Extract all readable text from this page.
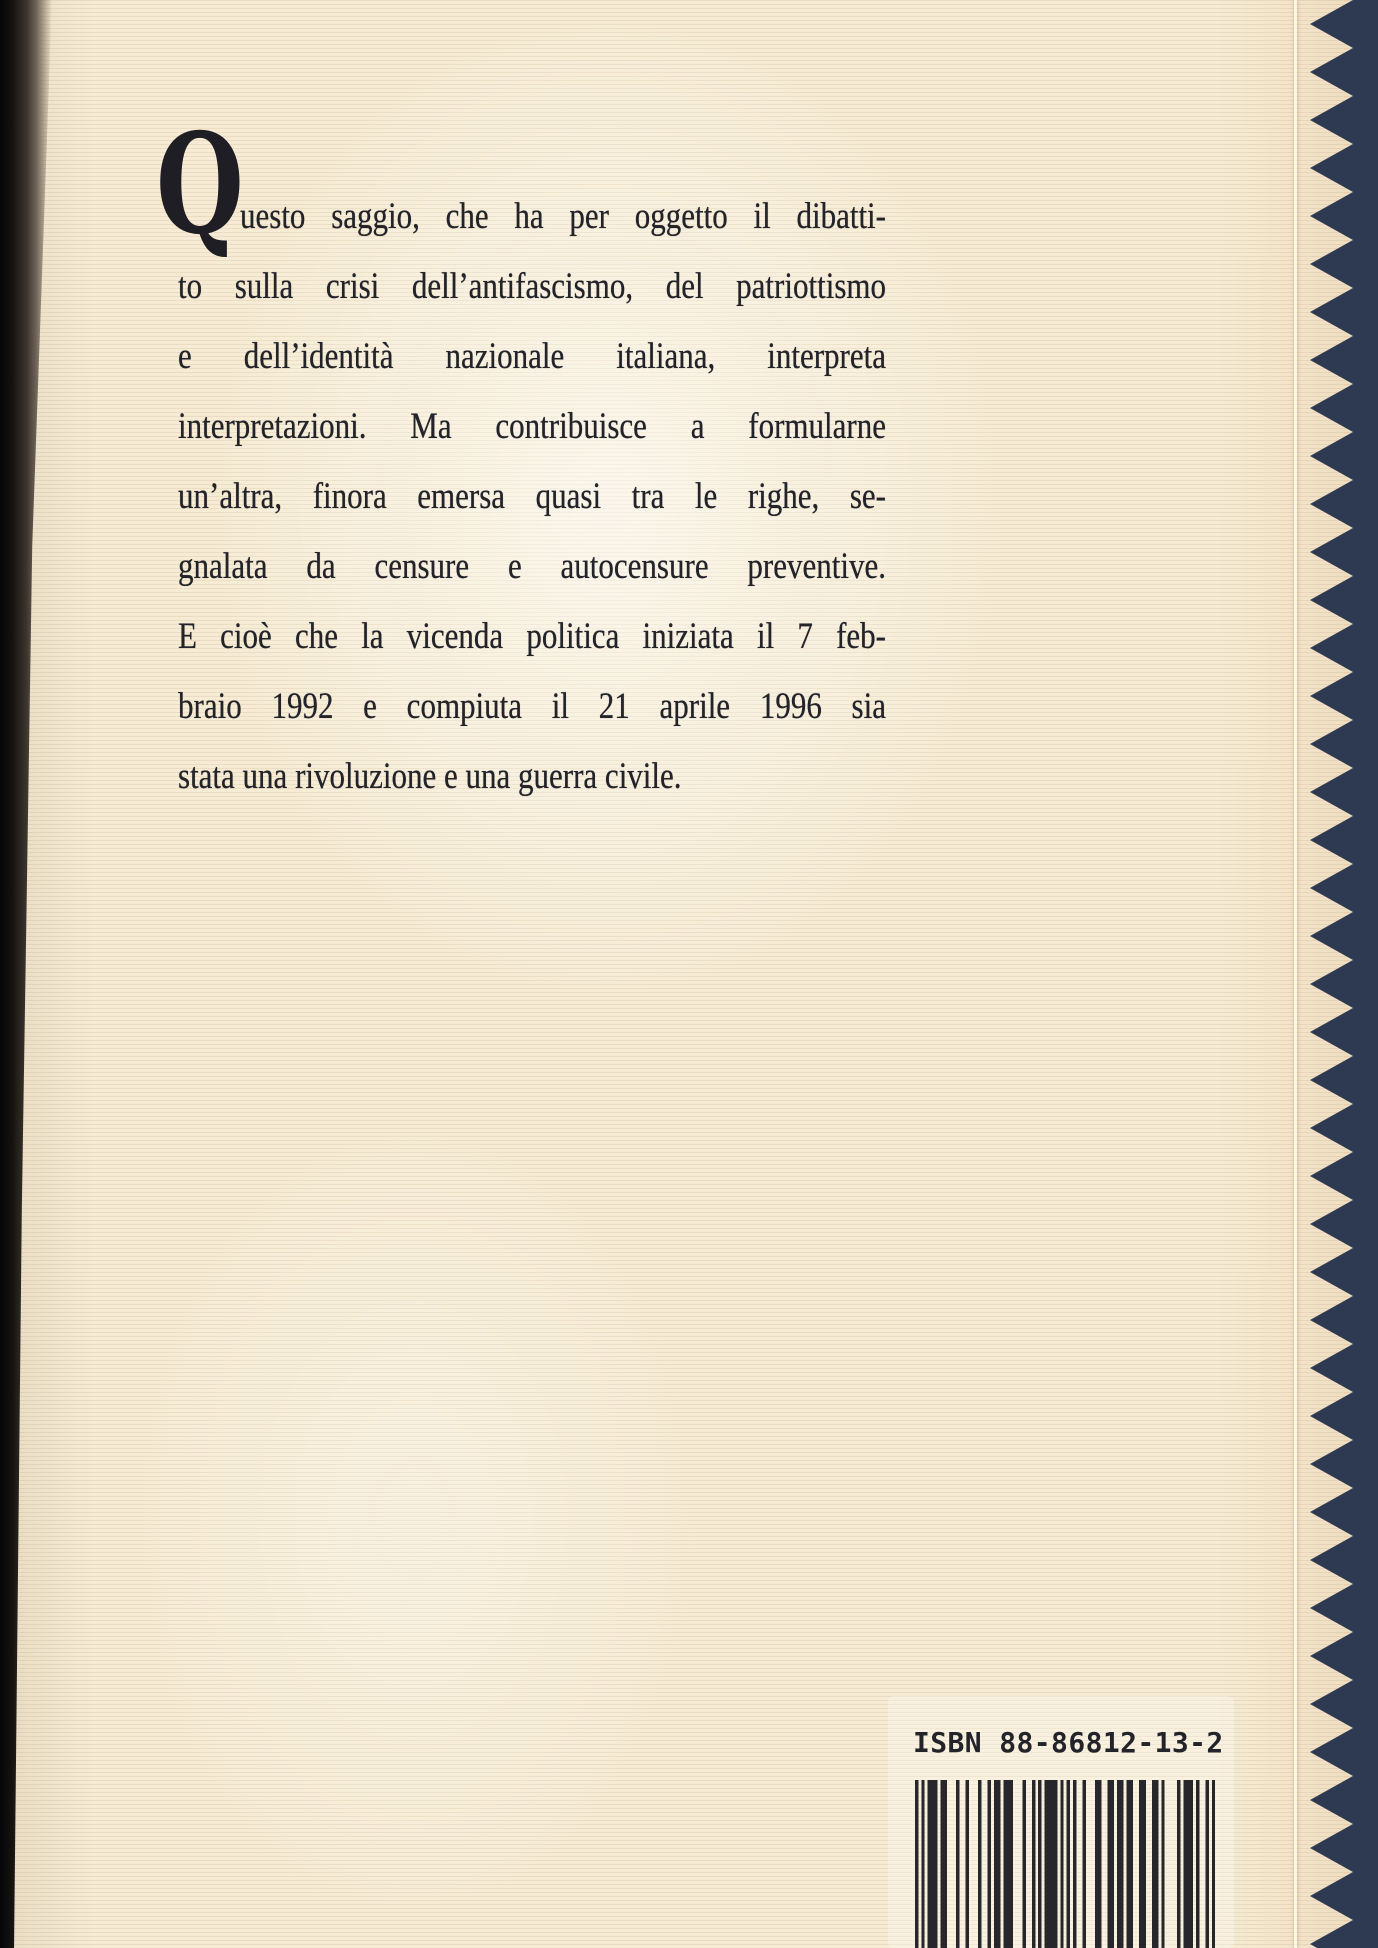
Q
uesto saggio, che ha per oggetto il dibatti-
to sulla crisi dell’antifascismo, del patriottismo
e dell’identità nazionale italiana, interpreta
interpretazioni. Ma contribuisce a formularne
un’altra, finora emersa quasi tra le righe, se-
gnalata da censure e autocensure preventive.
E cioè che la vicenda politica iniziata il 7 feb-
braio 1992 e compiuta il 21 aprile 1996 sia
stata una rivoluzione e una guerra civile.
ISBN 88-86812-13-2
